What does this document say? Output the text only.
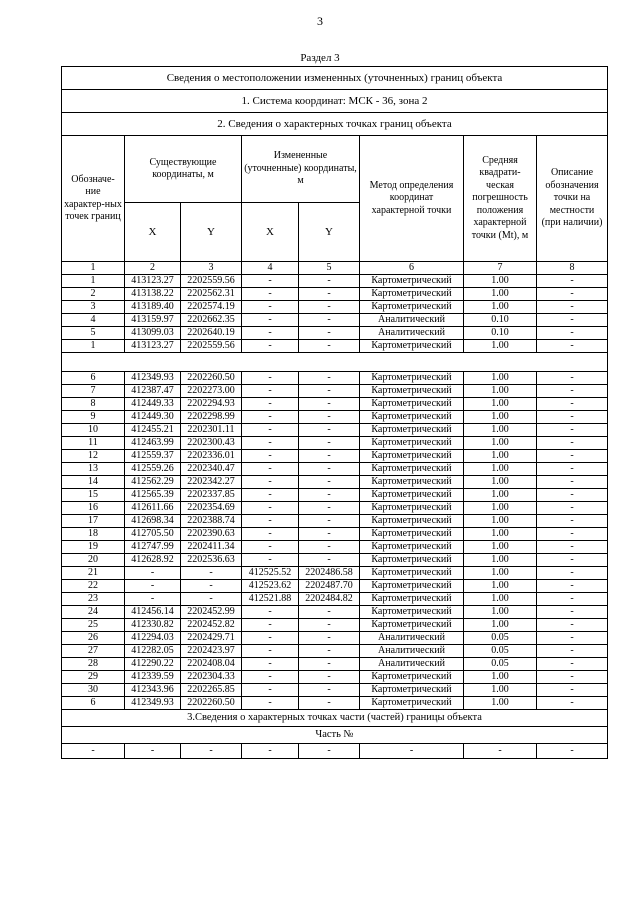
3
Раздел 3
Сведения о местоположении измененных (уточненных) границ объекта							
1. Система координат: МСК - 36, зона 2							
2. Сведения о характерных точках границ объекта							
Обозначе-ние характер-ных точек границ	Существующие координаты, м		Измененные (уточненные) координаты, м		Метод определения координат характерной точки	Средняя квадрати-ческая погрешность положения характерной точки (Mt), м	Описание обозначения точки на местности (при наличии)
	X	Y	X	Y			
1	2	3	4	5	6	7	8
1	413123.27	2202559.56	-	-	Картометрический	1.00	-
2	413138.22	2202562.31	-	-	Картометрический	1.00	-
3	413189.40	2202574.19	-	-	Картометрический	1.00	-
4	413159.97	2202662.35	-	-	Аналитический	0.10	-
5	413099.03	2202640.19	-	-	Аналитический	0.10	-
1	413123.27	2202559.56	-	-	Картометрический	1.00	-

6	412349.93	2202260.50	-	-	Картометрический	1.00	-
7	412387.47	2202273.00	-	-	Картометрический	1.00	-
8	412449.33	2202294.93	-	-	Картометрический	1.00	-
9	412449.30	2202298.99	-	-	Картометрический	1.00	-
10	412455.21	2202301.11	-	-	Картометрический	1.00	-
11	412463.99	2202300.43	-	-	Картометрический	1.00	-
12	412559.37	2202336.01	-	-	Картометрический	1.00	-
13	412559.26	2202340.47	-	-	Картометрический	1.00	-
14	412562.29	2202342.27	-	-	Картометрический	1.00	-
15	412565.39	2202337.85	-	-	Картометрический	1.00	-
16	412611.66	2202354.69	-	-	Картометрический	1.00	-
17	412698.34	2202388.74	-	-	Картометрический	1.00	-
18	412705.50	2202390.63	-	-	Картометрический	1.00	-
19	412747.99	2202411.34	-	-	Картометрический	1.00	-
20	412628.92	2202536.63	-	-	Картометрический	1.00	-
21	-	-	412525.52	2202486.58	Картометрический	1.00	-
22	-	-	412523.62	2202487.70	Картометрический	1.00	-
23	-	-	412521.88	2202484.82	Картометрический	1.00	-
24	412456.14	2202452.99	-	-	Картометрический	1.00	-
25	412330.82	2202452.82	-	-	Картометрический	1.00	-
26	412294.03	2202429.71	-	-	Аналитический	0.05	-
27	412282.05	2202423.97	-	-	Аналитический	0.05	-
28	412290.22	2202408.04	-	-	Аналитический	0.05	-
29	412339.59	2202304.33	-	-	Картометрический	1.00	-
30	412343.96	2202265.85	-	-	Картометрический	1.00	-
6	412349.93	2202260.50	-	-	Картометрический	1.00	-
3.Сведения о характерных точках части (частей) границы объекта							
Часть №							
-	-	-	-	-	-	-	-
